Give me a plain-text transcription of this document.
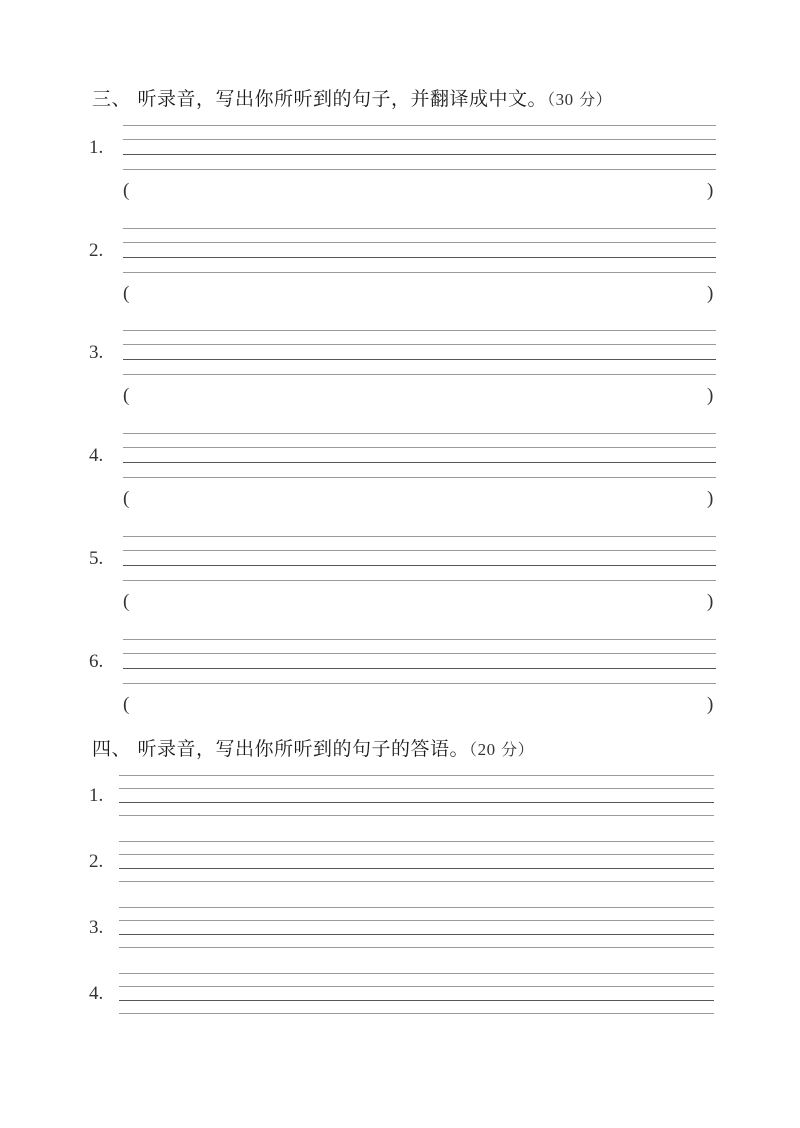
三、 听录音，写出你所听到的句子，并翻译成中文。（30 分）
1.
(	)
2.
(	)
3.
(	)
4.
(	)
5.
(	)
6.
(	)
四、 听录音，写出你所听到的句子的答语。（20 分）
1.
2.
3.
4.
